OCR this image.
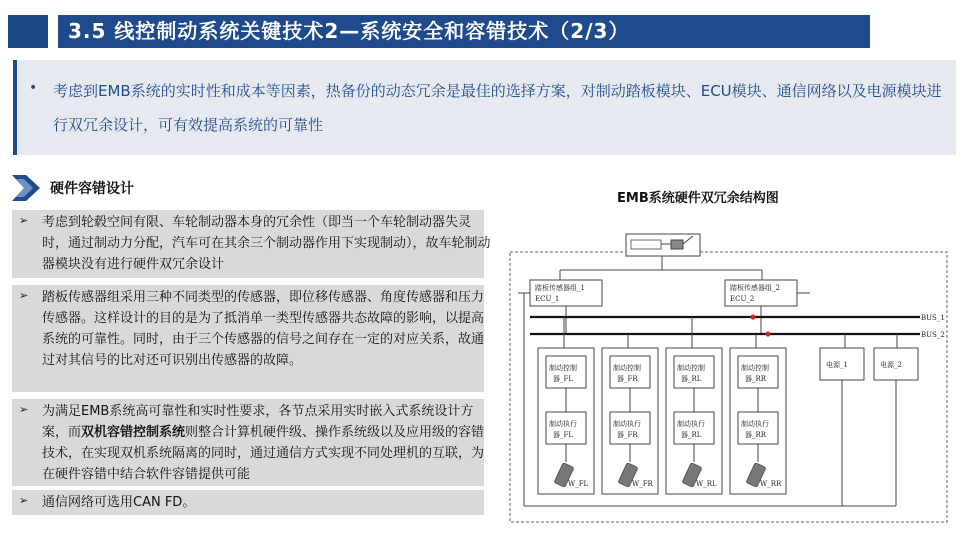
3.5 线控制动系统关键技术2—系统安全和容错技术（2/3）
• 考虑到EMB系统的实时性和成本等因素，热备份的动态冗余是最佳的选择方案，对制动踏板模块、ECU模块、通信网络以及电源模块进行双冗余设计，可有效提高系统的可靠性
硬件容错设计
➢ 考虑到轮毂空间有限、车轮制动器本身的冗余性（即当一个车轮制动器失灵时，通过制动力分配，汽车可在其余三个制动器作用下实现制动），故车轮制动器模块没有进行硬件双冗余设计
➢ 踏板传感器组采用三种不同类型的传感器，即位移传感器、角度传感器和压力传感器。这样设计的目的是为了抵消单一类型传感器共态故障的影响，以提高系统的可靠性。同时，由于三个传感器的信号之间存在一定的对应关系，故通过对其信号的比对还可识别出传感器的故障。
➢ 为满足EMB系统高可靠性和实时性要求，各节点采用实时嵌入式系统设计方案，而双机容错控制系统则整合计算机硬件级、操作系统级以及应用级的容错技术，在实现双机系统隔离的同时，通过通信方式实现不同处理机的互联，为在硬件容错中结合软件容错提供可能
➢ 通信网络可选用CAN FD。
EMB系统硬件双冗余结构图
踏板传感器组_1
ECU_1
踏板传感器组_2
ECU_2
BUS_1
BUS_2
制动控制
器_FL
制动控制
器_FR
制动控制
器_RL
制动控制
器_RR
制动执行
器_FL
制动执行
器_FR
制动执行
器_RL
制动执行
器_RR
W_FL	W_FR	W_RL	W_RR
电源_1	电源_2
